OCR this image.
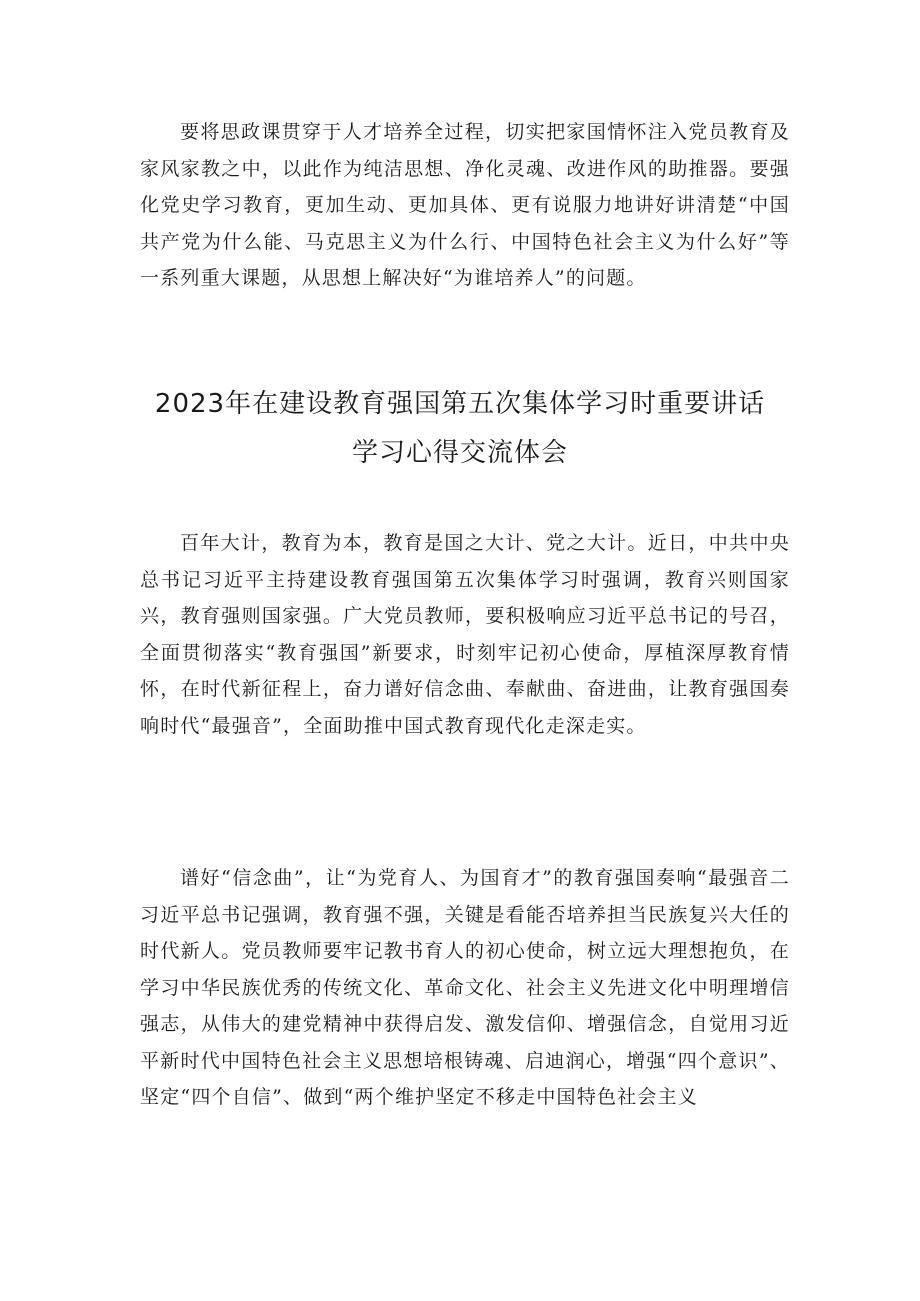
要将思政课贯穿于人才培养全过程，切实把家国情怀注入党员教育及家风家教之中，以此作为纯洁思想、净化灵魂、改进作风的助推器。要强化党史学习教育，更加生动、更加具体、更有说服力地讲好讲清楚“中国共产党为什么能、马克思主义为什么行、中国特色社会主义为什么好”等一系列重大课题，从思想上解决好“为谁培养人”的问题。

2023年在建设教育强国第五次集体学习时重要讲话
学习心得交流体会

百年大计，教育为本，教育是国之大计、党之大计。近日，中共中央总书记习近平主持建设教育强国第五次集体学习时强调，教育兴则国家兴，教育强则国家强。广大党员教师，要积极响应习近平总书记的号召，全面贯彻落实“教育强国”新要求，时刻牢记初心使命，厚植深厚教育情怀，在时代新征程上，奋力谱好信念曲、奉献曲、奋进曲，让教育强国奏响时代“最强音”，全面助推中国式教育现代化走深走实。

谱好“信念曲”，让“为党育人、为国育才”的教育强国奏响“最强音二习近平总书记强调，教育强不强，关键是看能否培养担当民族复兴大任的时代新人。党员教师要牢记教书育人的初心使命，树立远大理想抱负，在学习中华民族优秀的传统文化、革命文化、社会主义先进文化中明理增信强志，从伟大的建党精神中获得启发、激发信仰、增强信念，自觉用习近平新时代中国特色社会主义思想培根铸魂、启迪润心，增强“四个意识”、坚定“四个自信”、做到“两个维护坚定不移走中国特色社会主义
